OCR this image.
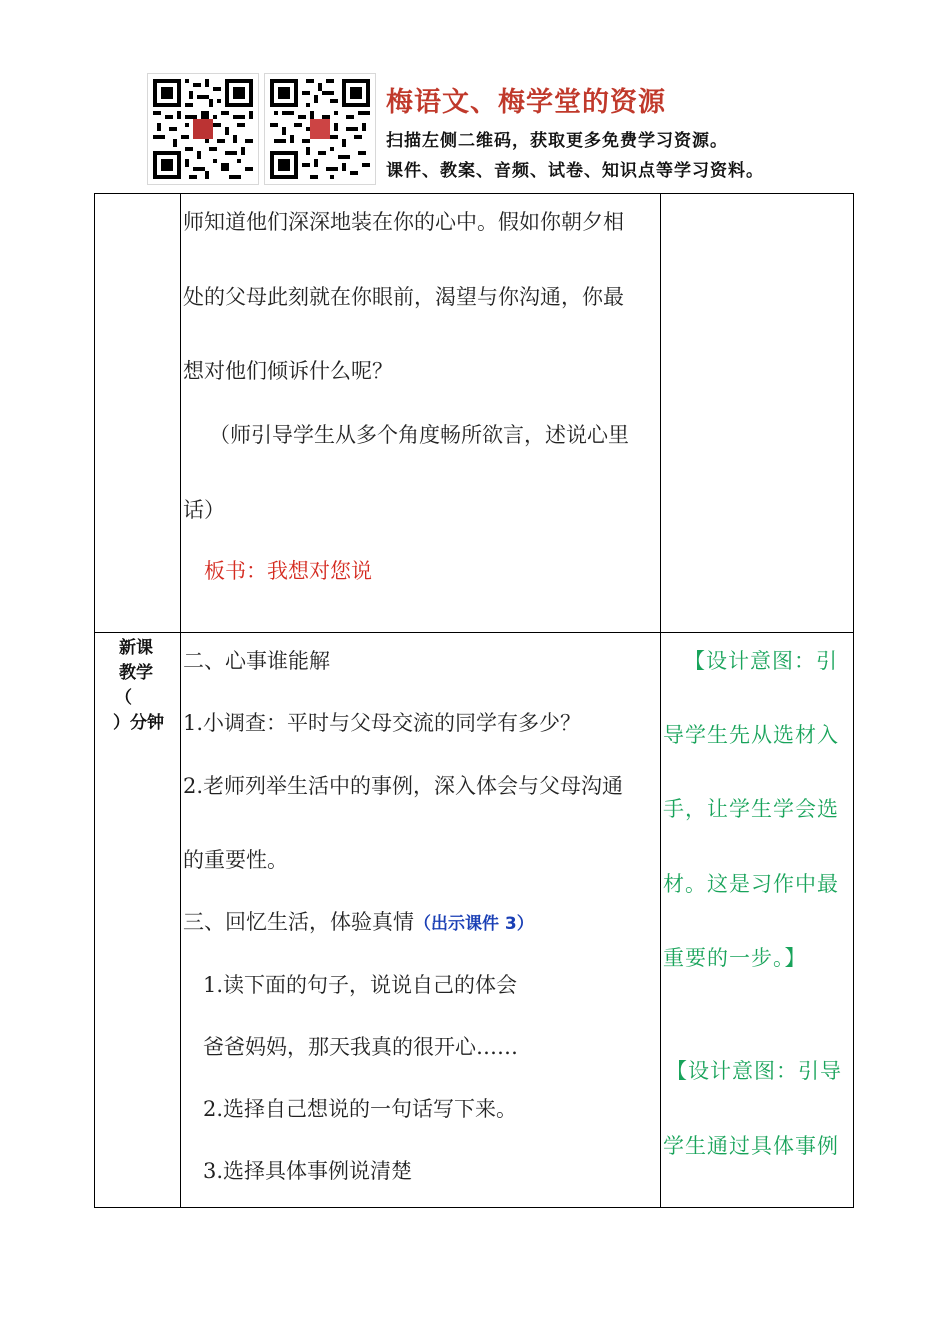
梅语文、梅学堂的资源
扫描左侧二维码，获取更多免费学习资源。
课件、教案、音频、试卷、知识点等学习资料。
师知道他们深深地装在你的心中。假如你朝夕相
处的父母此刻就在你眼前，渴望与你沟通，你最
想对他们倾诉什么呢？
（师引导学生从多个角度畅所欲言，述说心里
话）
板书：我想对您说
新课
教学
（
）分钟
二、心事谁能解
1.小调查：平时与父母交流的同学有多少？
2.老师列举生活中的事例，深入体会与父母沟通
的重要性。
三、回忆生活，体验真情（出示课件 3）
1.读下面的句子，说说自己的体会
爸爸妈妈，那天我真的很开心……
2.选择自己想说的一句话写下来。
3.选择具体事例说清楚
【设计意图：引
导学生先从选材入
手，让学生学会选
材。这是习作中最
重要的一步。】
【设计意图：引导
学生通过具体事例
